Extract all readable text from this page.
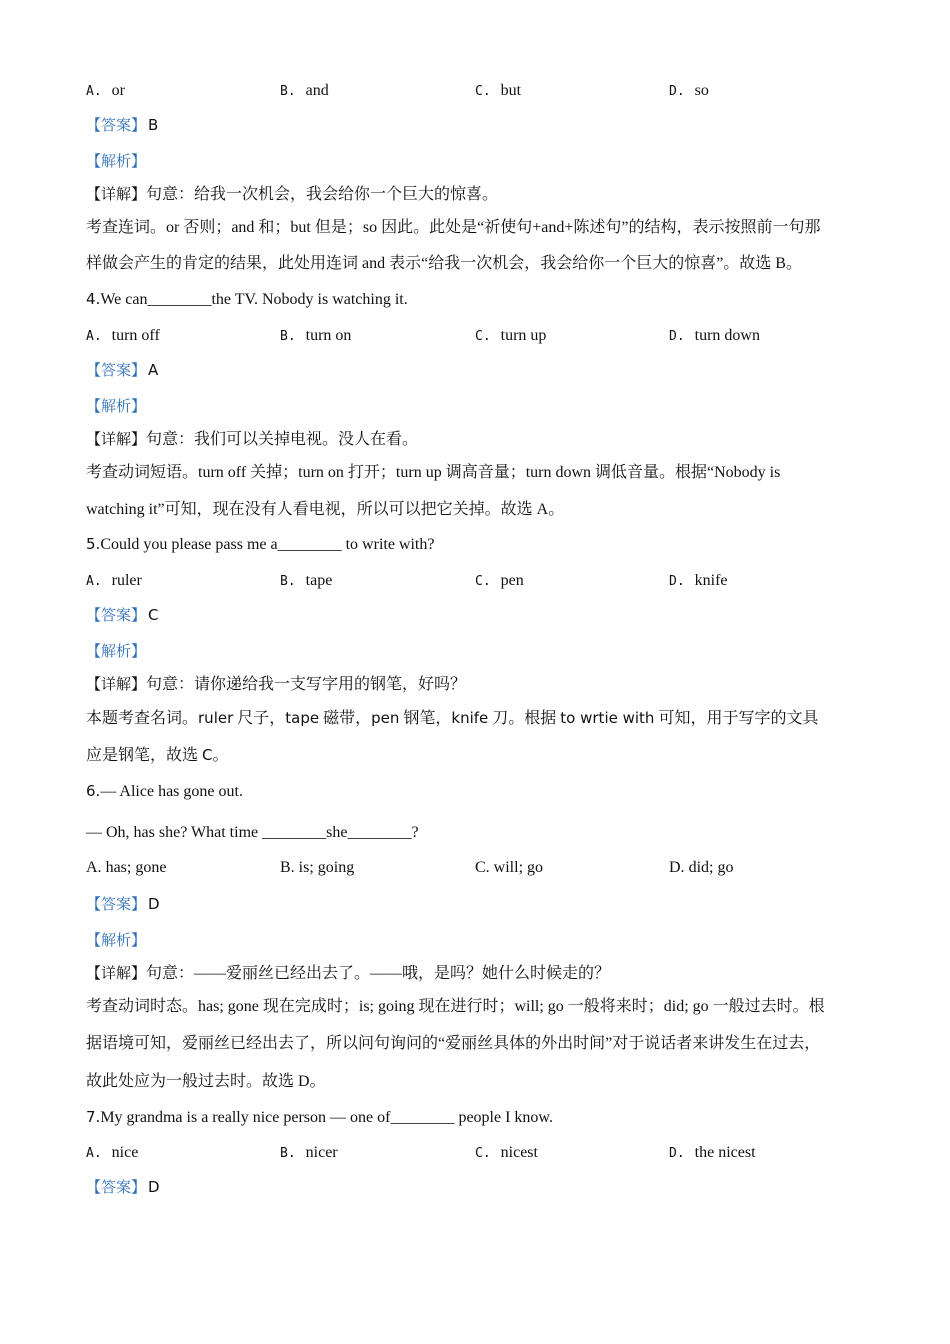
A. or	B. and	C. but	D. so
【答案】 B
【解析】
【详解】句意：给我一次机会，我会给你一个巨大的惊喜。
考查连词。or 否则；and 和；but 但是；so 因此。此处是“祈使句+and+陈述句”的结构，表示按照前一句那
样做会产生的肯定的结果，此处用连词 and 表示“给我一次机会，我会给你一个巨大的惊喜”。故选 B。
4.We can________the TV. Nobody is watching it.
A. turn off	B. turn on	C. turn up	D. turn down
【答案】 A
【解析】
【详解】句意：我们可以关掉电视。没人在看。
考查动词短语。turn off 关掉；turn on 打开；turn up 调高音量；turn down 调低音量。根据“Nobody is
watching it”可知，现在没有人看电视，所以可以把它关掉。故选 A。
5.Could you please pass me a________ to write with?
A. ruler	B. tape	C. pen	D. knife
【答案】 C
【解析】
【详解】句意：请你递给我一支写字用的钢笔，好吗？
本题考查名词。ruler 尺子，tape 磁带，pen 钢笔，knife 刀。根据 to wrtie with 可知，用于写字的文具
应是钢笔，故选 C。
6.— Alice has gone out.
— Oh, has she? What time ________she________?
A. has; gone	B. is; going	C. will; go	D. did; go
【答案】 D
【解析】
【详解】句意：——爱丽丝已经出去了。——哦，是吗？她什么时候走的？
考查动词时态。has; gone 现在完成时；is; going 现在进行时；will; go 一般将来时；did; go 一般过去时。根
据语境可知，爱丽丝已经出去了，所以问句询问的“爱丽丝具体的外出时间”对于说话者来讲发生在过去，
故此处应为一般过去时。故选 D。
7.My grandma is a really nice person — one of________ people I know.
A. nice	B. nicer	C. nicest	D. the nicest
【答案】 D
